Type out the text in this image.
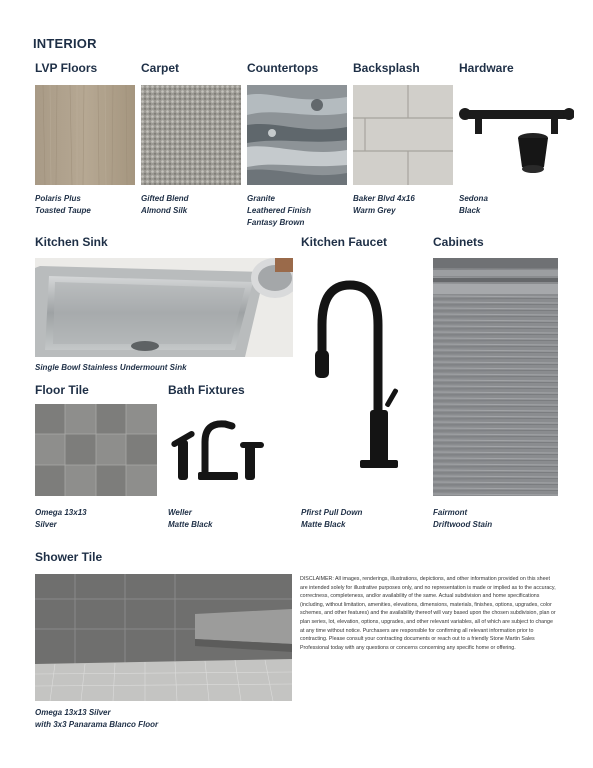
INTERIOR
LVP Floors	Carpet	Countertops	Backsplash	Hardware
Polaris Plus
Toasted Taupe
Gifted Blend
Almond Silk
Granite
Leathered Finish
Fantasy Brown
Baker Blvd 4x16
Warm Grey
Sedona
Black
Kitchen Sink	Kitchen Faucet	Cabinets
Single Bowl Stainless Undermount Sink
Pfirst Pull Down
Matte Black
Fairmont
Driftwood Stain
Floor Tile
Omega 13x13
Silver
Bath Fixtures
Weller
Matte Black
Shower Tile
Omega 13x13 Silver
with 3x3 Panarama Blanco Floor
DISCLAIMER: All images, renderings, illustrations, depictions, and other information provided on this sheet are intended solely for illustrative purposes only, and no representation is made or implied as to the accuracy, correctness, completeness, and/or availability of the same. Actual subdivision and home specifications (including, without limitation, amenities, elevations, dimensions, materials, finishes, options, upgrades, color schemes, and other features) and the availability thereof will vary based upon the chosen subdivision, plan or plan series, lot, elevation, options, upgrades, and other relevant variables, all of which are subject to change at any time without notice. Purchasers are responsible for confirming all relevant information prior to contracting. Please consult your contracting documents or reach out to a friendly Stone Martin Sales Professional today with any questions or concerns concerning any specific home or offering.
